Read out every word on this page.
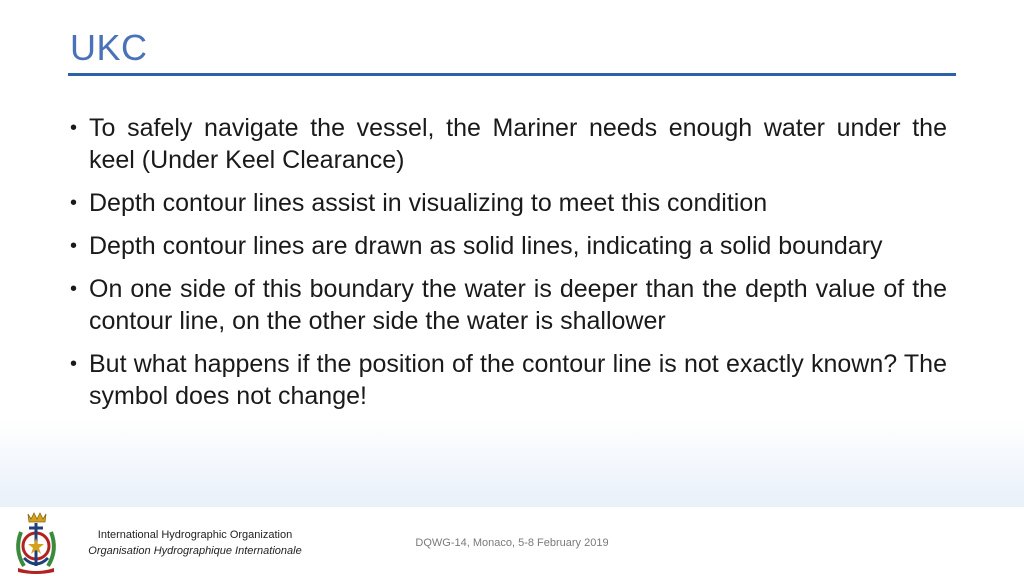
UKC
• To safely navigate the vessel, the Mariner needs enough water under the keel (Under Keel Clearance)
• Depth contour lines assist in visualizing to meet this condition
• Depth contour lines are drawn as solid lines, indicating a solid boundary
• On one side of this boundary the water is deeper than the depth value of the contour line, on the other side the water is shallower
• But what happens if the position of the contour line is not exactly known? The symbol does not change!
International Hydrographic Organization
Organisation Hydrographique Internationale
DQWG-14, Monaco, 5-8 February 2019
